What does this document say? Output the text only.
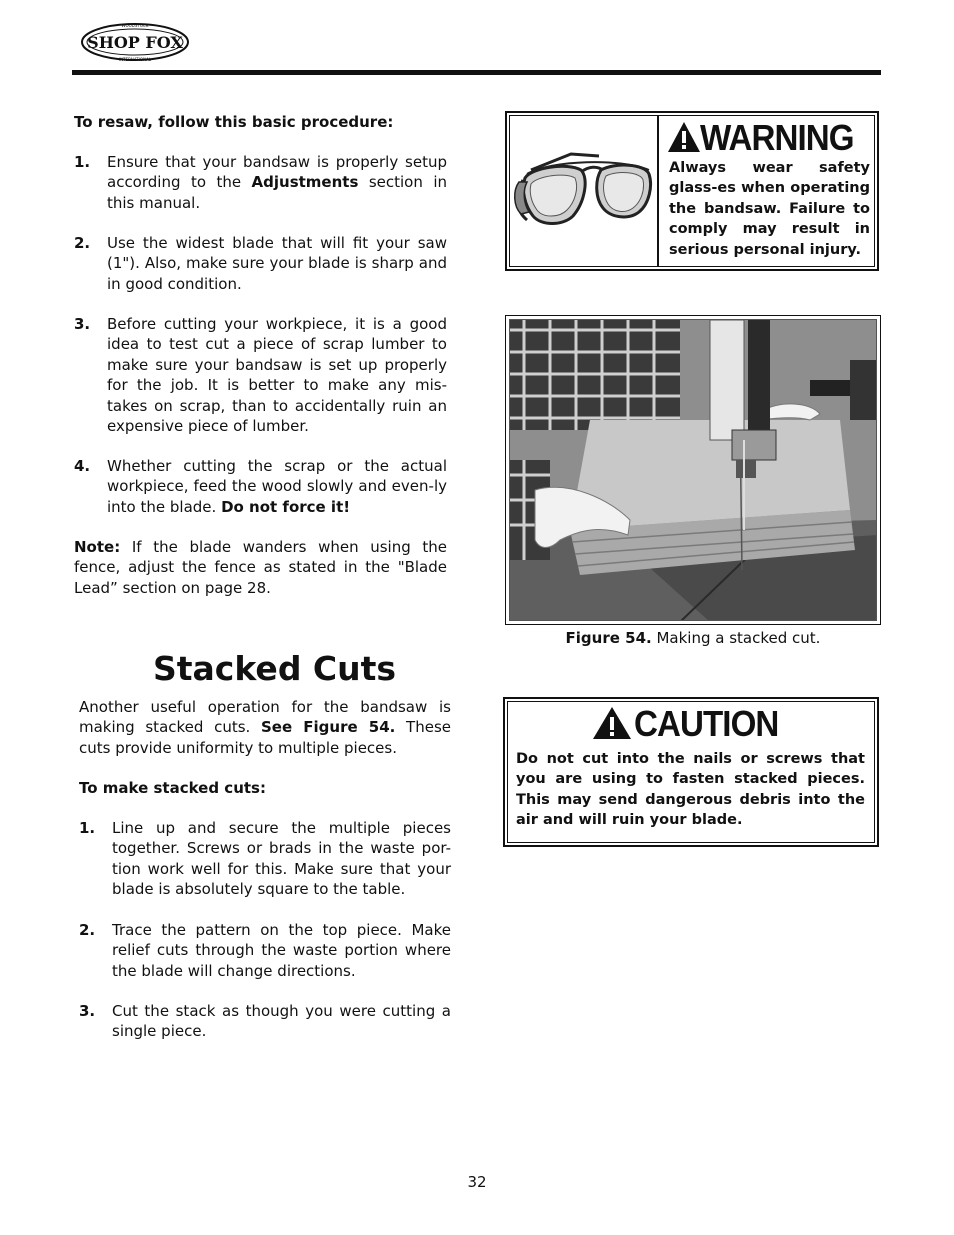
SHOP FOX
WOODSTOCK
INTERNATIONAL
To resaw, follow this basic procedure:
1. Ensure that your bandsaw is properly setup according to the Adjustments section in this manual.
2. Use the widest blade that will fit your saw (1"). Also, make sure your blade is sharp and in good condition.
3. Before cutting your workpiece, it is a good idea to test cut a piece of scrap lumber to make sure your bandsaw is set up properly for the job. It is better to make any mis-takes on scrap, than to accidentally ruin an expensive piece of lumber.
4. Whether cutting the scrap or the actual workpiece, feed the wood slowly and even-ly into the blade. Do not force it!
Note: If the blade wanders when using the fence, adjust the fence as stated in the "Blade Lead” section on page 28.
Stacked Cuts
Another useful operation for the bandsaw is making stacked cuts. See Figure 54. These cuts provide uniformity to multiple pieces.
To make stacked cuts:
1. Line up and secure the multiple pieces together. Screws or brads in the waste por-tion work well for this. Make sure that your blade is absolutely square to the table.
2. Trace the pattern on the top piece. Make relief cuts through the waste portion where the blade will change directions.
3. Cut the stack as though you were cutting a single piece.
WARNING
Always wear safety glass-es when operating the bandsaw. Failure to comply may result in serious personal injury.
Figure 54. Making a stacked cut.
CAUTION
Do not cut into the nails or screws that you are using to fasten stacked pieces. This may send dangerous debris into the air and will ruin your blade.
32
